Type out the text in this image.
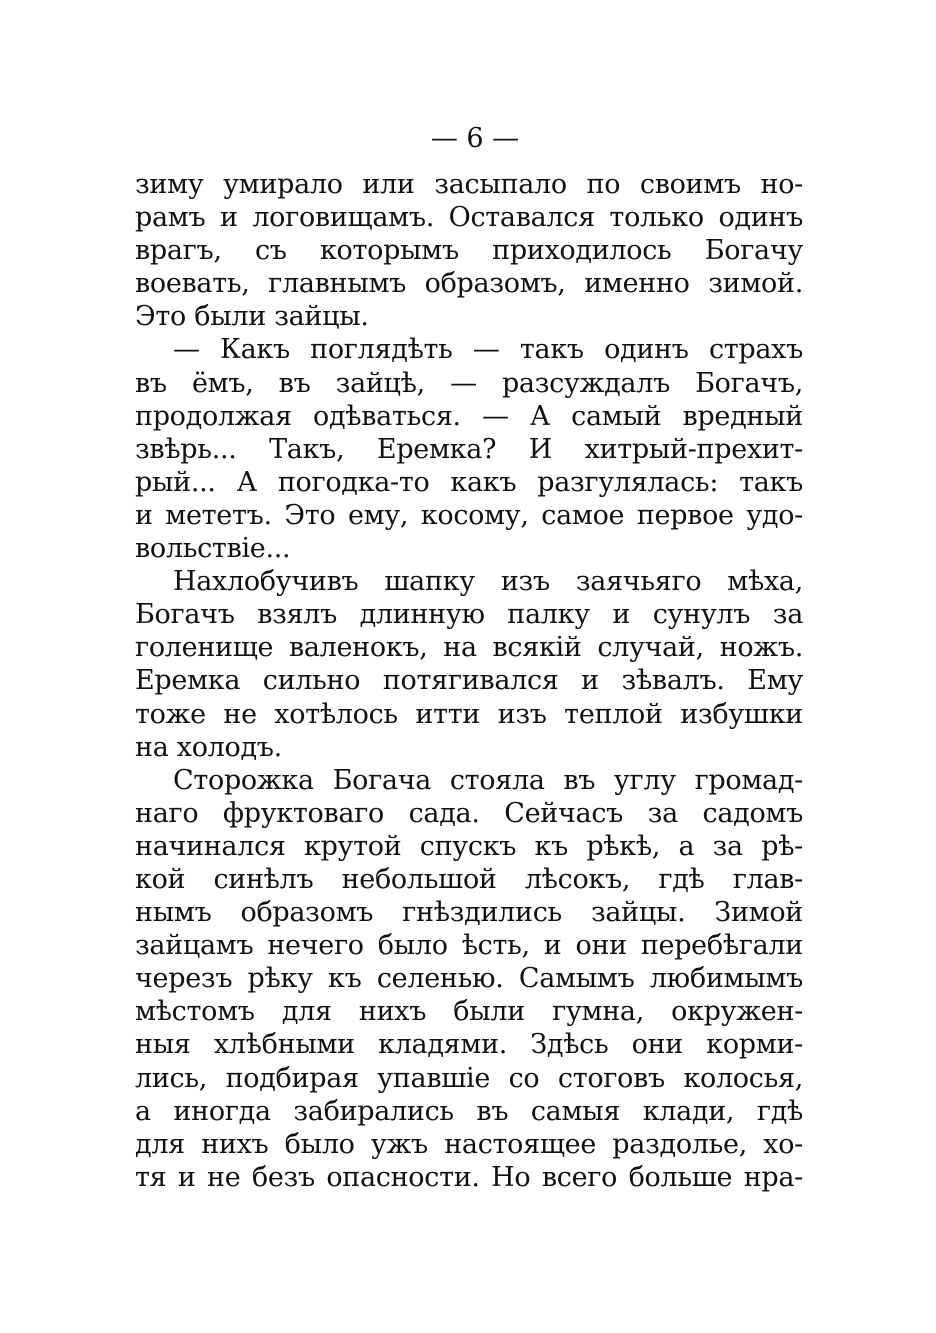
— 6 —
зиму умирало или засыпало по своимъ но-
рамъ и логовищамъ. Оставался только одинъ
врагъ, съ которымъ приходилось Богачу
воевать, главнымъ образомъ, именно зимой.
Это были зайцы.
— Какъ поглядѣть — такъ одинъ страхъ
въ ёмъ, въ зайцѣ, — разсуждалъ Богачъ,
продолжая одѣваться. — А самый вредный
звѣрь... Такъ, Еремка? И хитрый-прехит-
рый... А погодка-то какъ разгулялась: такъ
и мететъ. Это ему, косому, самое первое удо-
вольствіе...
Нахлобучивъ шапку изъ заячьяго мѣха,
Богачъ взялъ длинную палку и сунулъ за
голенище валенокъ, на всякій случай, ножъ.
Еремка сильно потягивался и зѣвалъ. Ему
тоже не хотѣлось итти изъ теплой избушки
на холодъ.
Сторожка Богача стояла въ углу громад-
наго фруктоваго сада. Сейчасъ за садомъ
начинался крутой спускъ къ рѣкѣ, а за рѣ-
кой синѣлъ небольшой лѣсокъ, гдѣ глав-
нымъ образомъ гнѣздились зайцы. Зимой
зайцамъ нечего было ѣсть, и они перебѣгали
черезъ рѣку къ селенью. Самымъ любимымъ
мѣстомъ для нихъ были гумна, окружен-
ныя хлѣбными кладями. Здѣсь они корми-
лись, подбирая упавшіе со стоговъ колосья,
а иногда забирались въ самыя клади, гдѣ
для нихъ было ужъ настоящее раздолье, хо-
тя и не безъ опасности. Но всего больше нра-
